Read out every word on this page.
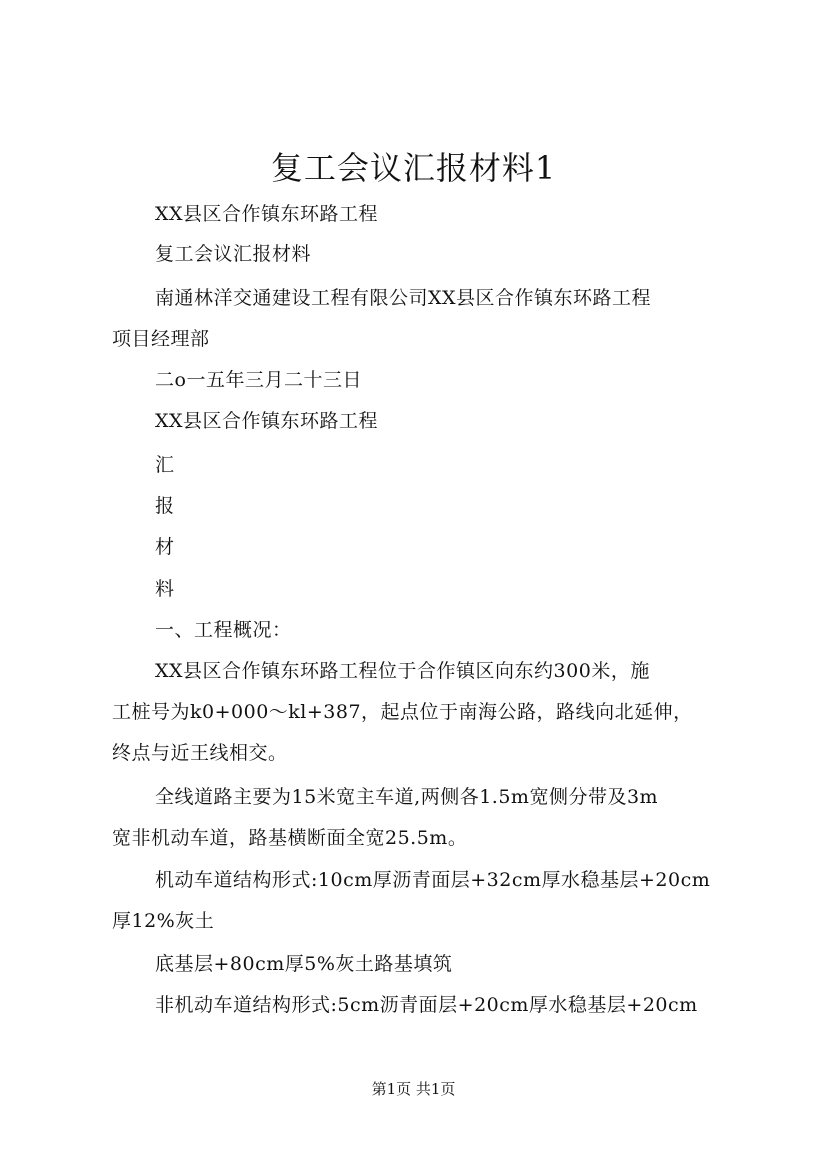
复工会议汇报材料1
XX县区合作镇东环路工程
复工会议汇报材料
南通林洋交通建设工程有限公司XX县区合作镇东环路工程
项目经理部
二o一五年三月二十三日
XX县区合作镇东环路工程
汇
报
材
料
一、工程概况：
XX县区合作镇东环路工程位于合作镇区向东约300米，施
工桩号为k0+000～kl+387，起点位于南海公路，路线向北延伸，
终点与近王线相交。
全线道路主要为15米宽主车道,两侧各1.5m宽侧分带及3m
宽非机动车道，路基横断面全宽25.5m。
机动车道结构形式:10cm厚沥青面层+32cm厚水稳基层+20cm
厚12%灰土
底基层+80cm厚5%灰土路基填筑
非机动车道结构形式:5cm沥青面层+20cm厚水稳基层+20cm
第1页 共1页
